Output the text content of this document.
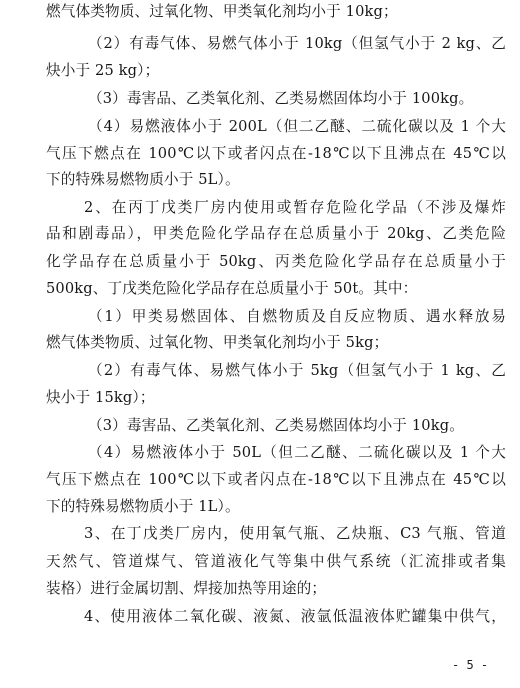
燃气体类物质、过氧化物、甲类氧化剂均小于 10kg；
（2）有毒气体、易燃气体小于 10kg（但氢气小于 2 kg、乙
炔小于 25 kg）；
（3）毒害品、乙类氧化剂、乙类易燃固体均小于 100kg。
（4）易燃液体小于 200L（但二乙醚、二硫化碳以及 1 个大
气压下燃点在 100℃以下或者闪点在-18℃以下且沸点在 45℃以
下的特殊易燃物质小于 5L）。
2、在丙丁戊类厂房内使用或暂存危险化学品（不涉及爆炸
品和剧毒品），甲类危险化学品存在总质量小于 20kg、乙类危险
化学品存在总质量小于 50kg、丙类危险化学品存在总质量小于
500kg、丁戊类危险化学品存在总质量小于 50t。其中：
（1）甲类易燃固体、自燃物质及自反应物质、遇水释放易
燃气体类物质、过氧化物、甲类氧化剂均小于 5kg；
（2）有毒气体、易燃气体小于 5kg（但氢气小于 1 kg、乙
炔小于 15kg）；
（3）毒害品、乙类氧化剂、乙类易燃固体均小于 10kg。
（4）易燃液体小于 50L（但二乙醚、二硫化碳以及 1 个大
气压下燃点在 100℃以下或者闪点在-18℃以下且沸点在 45℃以
下的特殊易燃物质小于 1L）。
3、在丁戊类厂房内，使用氧气瓶、乙炔瓶、C3 气瓶、管道
天然气、管道煤气、管道液化气等集中供气系统（汇流排或者集
装格）进行金属切割、焊接加热等用途的；
4、使用液体二氧化碳、液氮、液氩低温液体贮罐集中供气，
- 5 -
